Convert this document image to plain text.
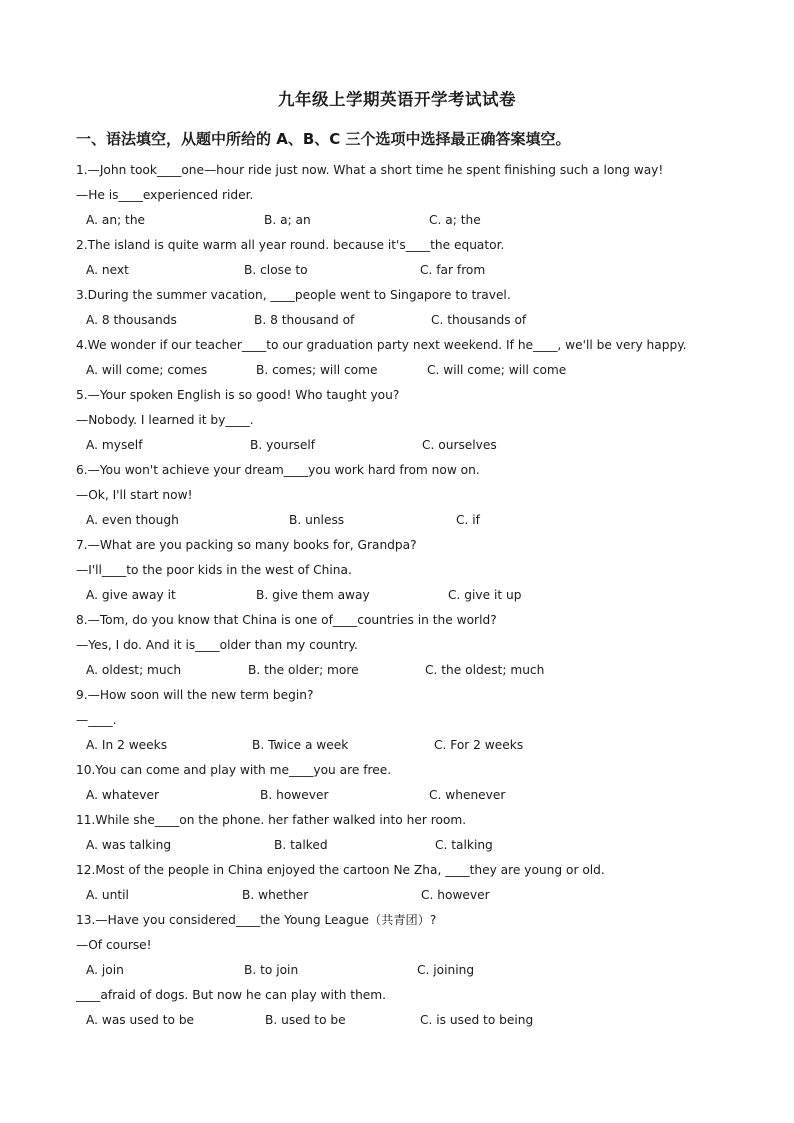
九年级上学期英语开学考试试卷
一、语法填空，从题中所给的 A、B、C 三个选项中选择最正确答案填空。
1.—John took____one—hour ride just now. What a short time he spent finishing such a long way!
—He is____experienced rider.
A. an; the	B. a; an	C. a; the
2.The island is quite warm all year round. because it's____the equator.
A. next	B. close to	C. far from
3.During the summer vacation, ____people went to Singapore to travel.
A. 8 thousands	B. 8 thousand of	C. thousands of
4.We wonder if our teacher____to our graduation party next weekend. If he____, we'll be very happy.
A. will come; comes	B. comes; will come	C. will come; will come
5.—Your spoken English is so good! Who taught you?
—Nobody. I learned it by____.
A. myself	B. yourself	C. ourselves
6.—You won't achieve your dream____you work hard from now on.
—Ok, I'll start now!
A. even though	B. unless	C. if
7.—What are you packing so many books for, Grandpa?
—I'll____to the poor kids in the west of China.
A. give away it	B. give them away	C. give it up
8.—Tom, do you know that China is one of____countries in the world?
—Yes, I do. And it is____older than my country.
A. oldest; much	B. the older; more	C. the oldest; much
9.—How soon will the new term begin?
—____.
A. In 2 weeks	B. Twice a week	C. For 2 weeks
10.You can come and play with me____you are free.
A. whatever	B. however	C. whenever
11.While she____on the phone. her father walked into her room.
A. was talking	B. talked	C. talking
12.Most of the people in China enjoyed the cartoon Ne Zha, ____they are young or old.
A. until	B. whether	C. however
13.—Have you considered____the Young League（共青团）?
—Of course!
A. join	B. to join	C. joining
____afraid of dogs. But now he can play with them.
A. was used to be	B. used to be	C. is used to being
